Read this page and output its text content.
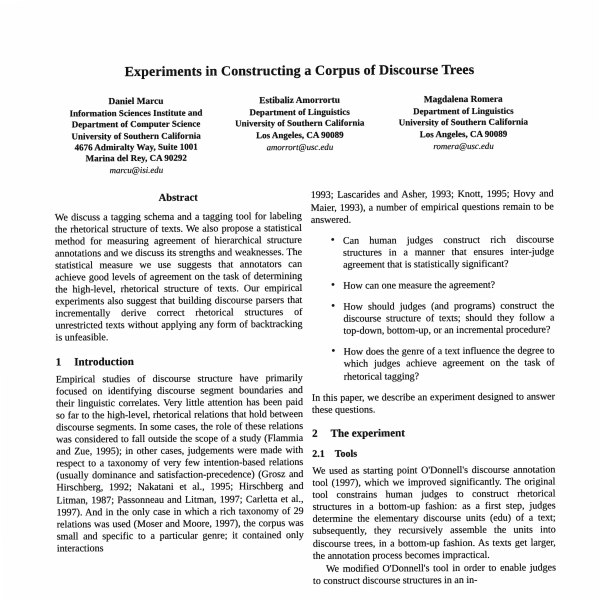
Experiments in Constructing a Corpus of Discourse Trees
Daniel Marcu
Information Sciences Institute and
Department of Computer Science
University of Southern California
4676 Admiralty Way, Suite 1001
Marina del Rey, CA 90292
marcu@isi.edu
Estibaliz Amorrortu
Department of Linguistics
University of Southern California
Los Angeles, CA 90089
amorrort@usc.edu
Magdalena Romera
Department of Linguistics
University of Southern California
Los Angeles, CA 90089
romera@usc.edu
Abstract

We discuss a tagging schema and a tagging tool for labeling the rhetorical structure of texts. We also propose a statistical method for measuring agreement of hierarchical structure annotations and we discuss its strengths and weaknesses. The statistical measure we use suggests that annotators can achieve good levels of agreement on the task of determining the high-level, rhetorical structure of texts. Our empirical experiments also suggest that building discourse parsers that incrementally derive correct rhetorical structures of unrestricted texts without applying any form of backtracking is unfeasible.

1 Introduction

Empirical studies of discourse structure have primarily focused on identifying discourse segment boundaries and their linguistic correlates. Very little attention has been paid so far to the high-level, rhetorical relations that hold between discourse segments. In some cases, the role of these relations was considered to fall outside the scope of a study (Flammia and Zue, 1995); in other cases, judgements were made with respect to a taxonomy of very few intention-based relations (usually dominance and satisfaction-precedence) (Grosz and Hirschberg, 1992; Nakatani et al., 1995; Hirschberg and Litman, 1987; Passonneau and Litman, 1997; Carletta et al., 1997). And in the only case in which a rich taxonomy of 29 relations was used (Moser and Moore, 1997), the corpus was small and specific to a particular genre; it contained only interactions

1993; Lascarides and Asher, 1993; Knott, 1995; Hovy and Maier, 1993), a number of empirical questions remain to be answered.

•
Can human judges construct rich discourse structures in a manner that ensures inter-judge agreement that is statistically significant?
•
How can one measure the agreement?
•
How should judges (and programs) construct the discourse structure of texts; should they follow a top-down, bottom-up, or an incremental procedure?
•
How does the genre of a text influence the degree to which judges achieve agreement on the task of rhetorical tagging?

In this paper, we describe an experiment designed to answer these questions.

2 The experiment
2.1 Tools

We used as starting point O'Donnell's discourse annotation tool (1997), which we improved significantly. The original tool constrains human judges to construct rhetorical structures in a bottom-up fashion: as a first step, judges determine the elementary discourse units (edu) of a text; subsequently, they recursively assemble the units into discourse trees, in a bottom-up fashion. As texts get larger, the annotation process becomes impractical.

We modified O'Donnell's tool in order to enable judges to construct discourse structures in an in-
